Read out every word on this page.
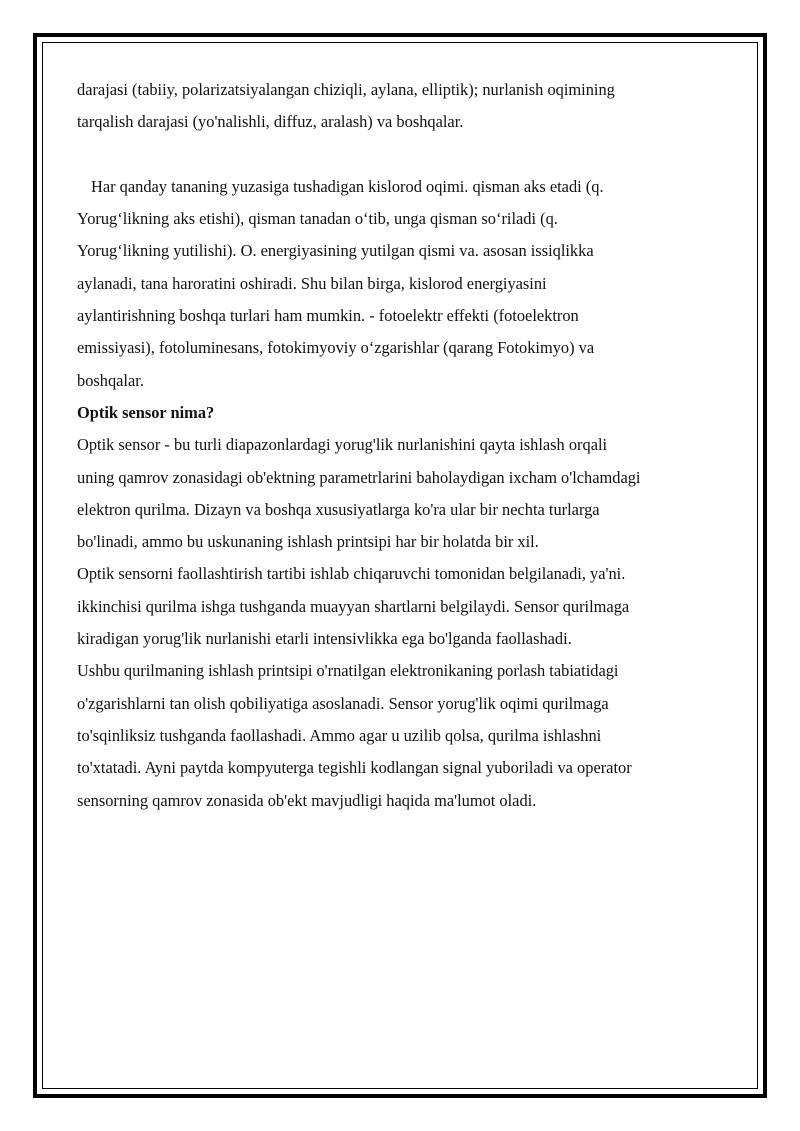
darajasi (tabiiy, polarizatsiyalangan chiziqli, aylana, elliptik); nurlanish oqimining
tarqalish darajasi (yo'nalishli, diffuz, aralash) va boshqalar.

Har qanday tananing yuzasiga tushadigan kislorod oqimi. qisman aks etadi (q.
Yorug‘likning aks etishi), qisman tanadan o‘tib, unga qisman so‘riladi (q.
Yorug‘likning yutilishi). O. energiyasining yutilgan qismi va. asosan issiqlikka
aylanadi, tana haroratini oshiradi. Shu bilan birga, kislorod energiyasini
aylantirishning boshqa turlari ham mumkin. - fotoelektr effekti (fotoelektron
emissiyasi), fotoluminesans, fotokimyoviy o‘zgarishlar (qarang Fotokimyo) va
boshqalar.

Optik sensor nima?

Optik sensor - bu turli diapazonlardagi yorug'lik nurlanishini qayta ishlash orqali
uning qamrov zonasidagi ob'ektning parametrlarini baholaydigan ixcham o'lchamdagi
elektron qurilma. Dizayn va boshqa xususiyatlarga ko'ra ular bir nechta turlarga
bo'linadi, ammo bu uskunaning ishlash printsipi har bir holatda bir xil.

Optik sensorni faollashtirish tartibi ishlab chiqaruvchi tomonidan belgilanadi, ya'ni.
ikkinchisi qurilma ishga tushganda muayyan shartlarni belgilaydi. Sensor qurilmaga
kiradigan yorug'lik nurlanishi etarli intensivlikka ega bo'lganda faollashadi.

Ushbu qurilmaning ishlash printsipi o'rnatilgan elektronikaning porlash tabiatidagi
o'zgarishlarni tan olish qobiliyatiga asoslanadi. Sensor yorug'lik oqimi qurilmaga
to'sqinliksiz tushganda faollashadi. Ammo agar u uzilib qolsa, qurilma ishlashni
to'xtatadi. Ayni paytda kompyuterga tegishli kodlangan signal yuboriladi va operator
sensorning qamrov zonasida ob'ekt mavjudligi haqida ma'lumot oladi.
